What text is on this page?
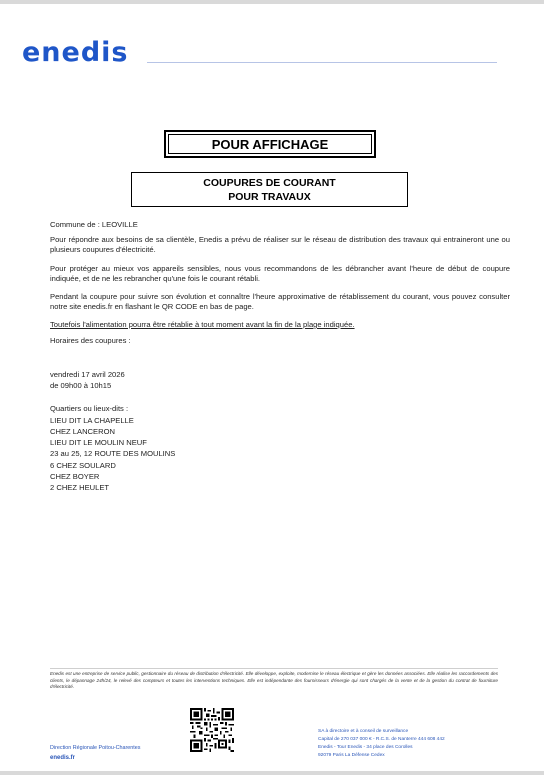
enedis
POUR AFFICHAGE
COUPURES DE COURANT
POUR TRAVAUX
Commune de : LEOVILLE
Pour répondre aux besoins de sa clientèle, Enedis a prévu de réaliser sur le réseau de distribution des travaux qui entraineront une ou plusieurs coupures d'électricité.
Pour protéger au mieux vos appareils sensibles, nous vous recommandons de les débrancher avant l'heure de début de coupure indiquée, et de ne les rebrancher qu'une fois le courant rétabli.
Pendant la coupure pour suivre son évolution et connaître l'heure approximative de rétablissement du courant, vous pouvez consulter notre site enedis.fr en flashant le QR CODE en bas de page.
Toutefois l'alimentation pourra être rétablie à tout moment avant la fin de la plage indiquée.
Horaires des coupures :
vendredi 17 avril 2026
de 09h00 à 10h15
Quartiers ou lieux-dits :
LIEU DIT LA CHAPELLE
CHEZ LANCERON
LIEU DIT LE MOULIN NEUF
23 au 25, 12 ROUTE DES MOULINS
6 CHEZ SOULARD
CHEZ BOYER
2 CHEZ HEULET
Enedis est une entreprise de service public, gestionnaire du réseau de distribution d'électricité. Elle développe, exploite, modernise le réseau électrique et gère les données associées. Elle réalise les raccordements des clients, le dépannage 24h/24, le relevé des compteurs et toutes les interventions techniques. Elle est indépendante des fournisseurs d'énergie qui sont chargés de la vente et de la gestion du contrat de fourniture d'électricité.
Direction Régionale Poitou-Charentes
enedis.fr
SA à directoire et à conseil de surveillance
Capital de 270 037 000 € - R.C.S. de Nanterre 444 608 442
Enedis - Tour Enedis - 34 place des Corolles
92079 Paris La Défense Cedex
